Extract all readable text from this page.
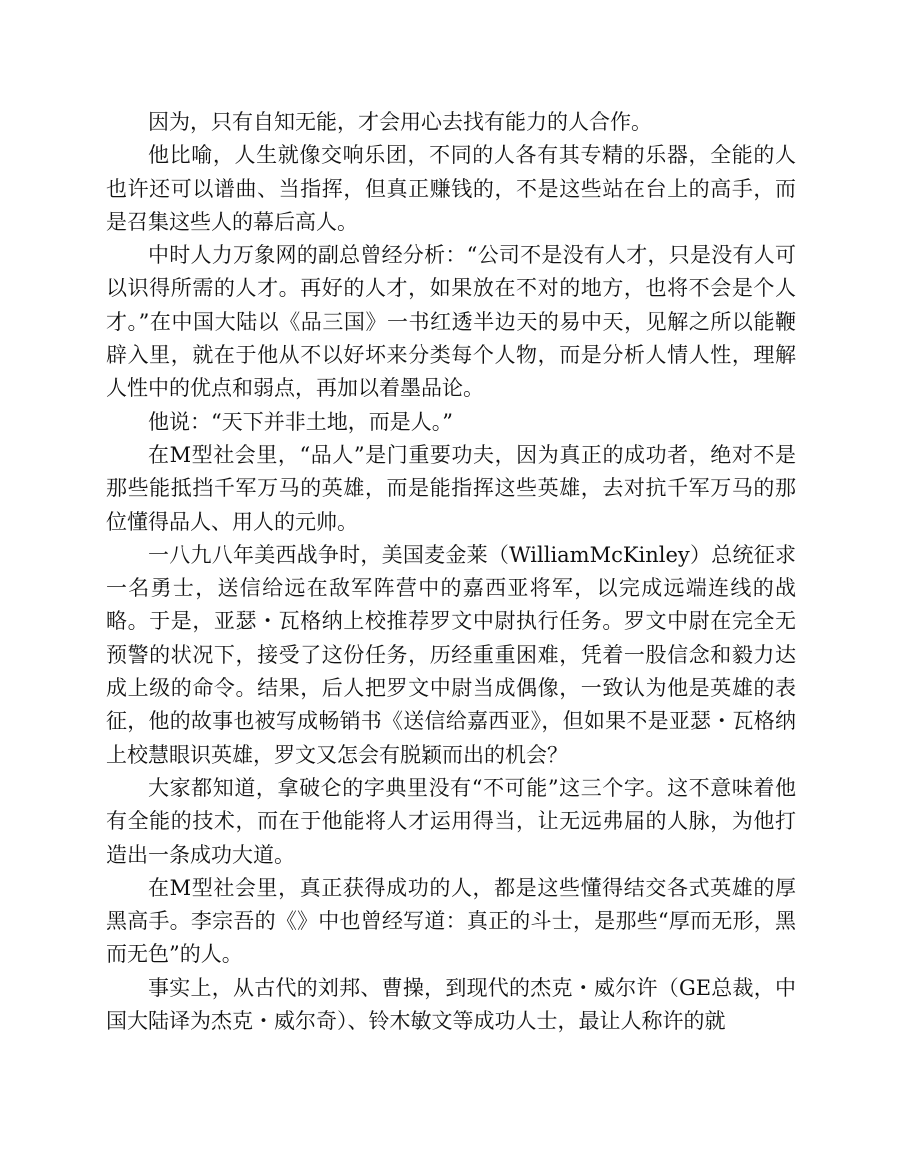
因为，只有自知无能，才会用心去找有能力的人合作。

他比喻，人生就像交响乐团，不同的人各有其专精的乐器，全能的人也许还可以谱曲、当指挥，但真正赚钱的，不是这些站在台上的高手，而是召集这些人的幕后高人。

中时人力万象网的副总曾经分析：“公司不是没有人才，只是没有人可以识得所需的人才。再好的人才，如果放在不对的地方，也将不会是个人才。”在中国大陆以《品三国》一书红透半边天的易中天，见解之所以能鞭辟入里，就在于他从不以好坏来分类每个人物，而是分析人情人性，理解人性中的优点和弱点，再加以着墨品论。

他说：“天下并非土地，而是人。”

在M型社会里，“品人”是门重要功夫，因为真正的成功者，绝对不是那些能抵挡千军万马的英雄，而是能指挥这些英雄，去对抗千军万马的那位懂得品人、用人的元帅。

一八九八年美西战争时，美国麦金莱（WilliamMcKinley）总统征求一名勇士，送信给远在敌军阵营中的嘉西亚将军，以完成远端连线的战略。于是，亚瑟・瓦格纳上校推荐罗文中尉执行任务。罗文中尉在完全无预警的状况下，接受了这份任务，历经重重困难，凭着一股信念和毅力达成上级的命令。结果，后人把罗文中尉当成偶像，一致认为他是英雄的表征，他的故事也被写成畅销书《送信给嘉西亚》，但如果不是亚瑟・瓦格纳上校慧眼识英雄，罗文又怎会有脱颖而出的机会？

大家都知道，拿破仑的字典里没有“不可能”这三个字。这不意味着他有全能的技术，而在于他能将人才运用得当，让无远弗届的人脉，为他打造出一条成功大道。

在M型社会里，真正获得成功的人，都是这些懂得结交各式英雄的厚黑高手。李宗吾的《》中也曾经写道：真正的斗士，是那些“厚而无形，黑而无色”的人。

事实上，从古代的刘邦、曹操，到现代的杰克・威尔许（GE总裁，中国大陆译为杰克・威尔奇）、铃木敏文等成功人士，最让人称许的就
